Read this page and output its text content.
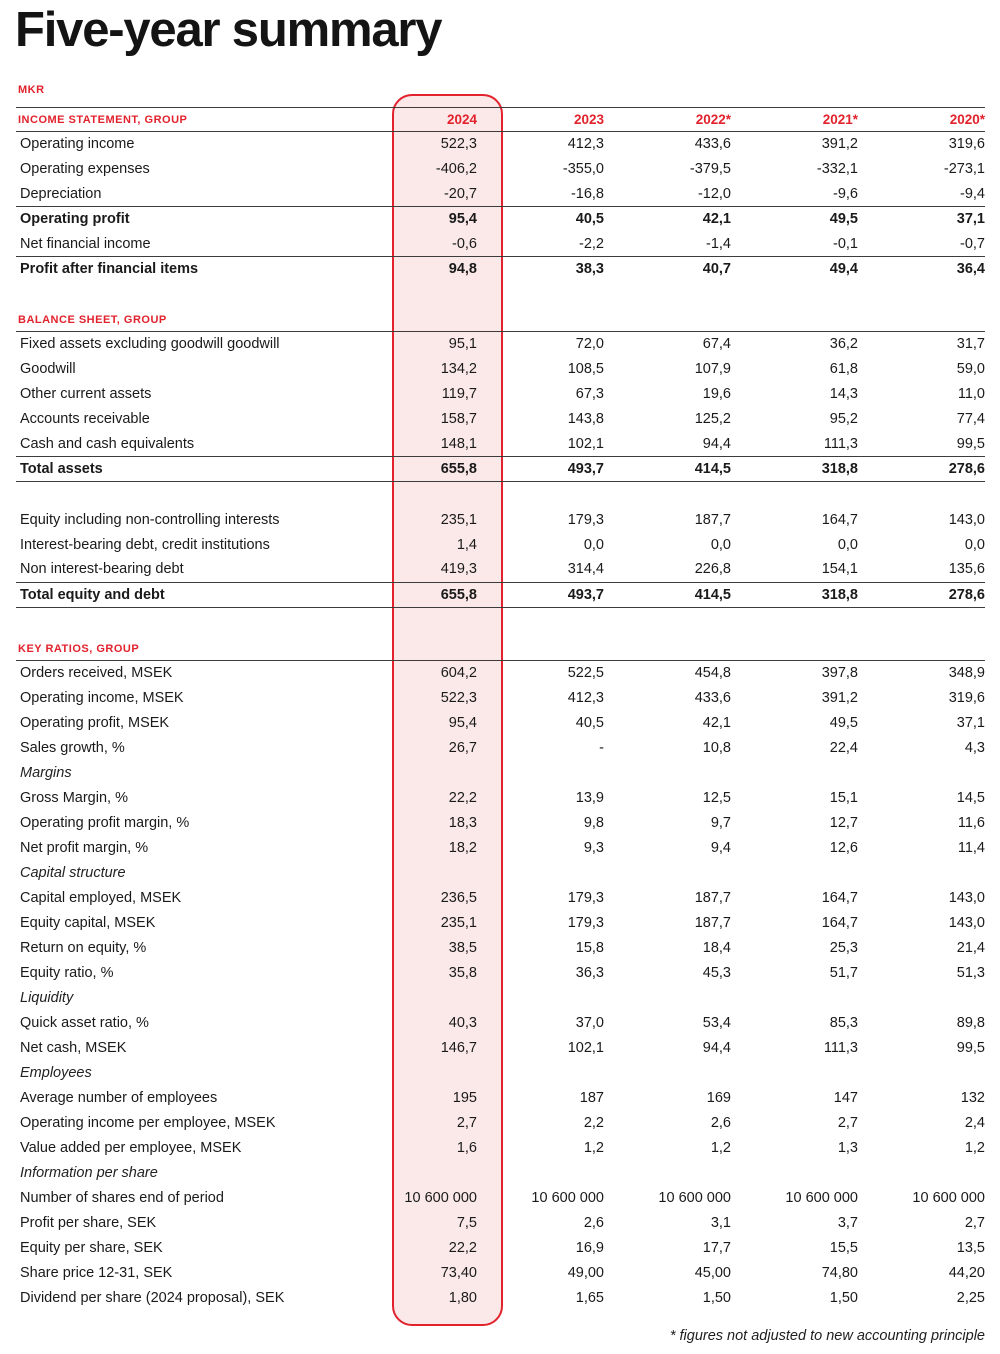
Five-year summary
MKR
INCOME STATEMENT, GROUP	2024	2023	2022*	2021*	2020*
Operating income	522,3	412,3	433,6	391,2	319,6
Operating expenses	-406,2	-355,0	-379,5	-332,1	-273,1
Depreciation	-20,7	-16,8	-12,0	-9,6	-9,4
Operating profit	95,4	40,5	42,1	49,5	37,1
Net financial income	-0,6	-2,2	-1,4	-0,1	-0,7
Profit after financial items	94,8	38,3	40,7	49,4	36,4

BALANCE SHEET, GROUP					
Fixed assets excluding goodwill goodwill	95,1	72,0	67,4	36,2	31,7
Goodwill	134,2	108,5	107,9	61,8	59,0
Other current assets	119,7	67,3	19,6	14,3	11,0
Accounts receivable	158,7	143,8	125,2	95,2	77,4
Cash and cash equivalents	148,1	102,1	94,4	111,3	99,5
Total assets	655,8	493,7	414,5	318,8	278,6

Equity including non-controlling interests	235,1	179,3	187,7	164,7	143,0
Interest-bearing debt, credit institutions	1,4	0,0	0,0	0,0	0,0
Non interest-bearing debt	419,3	314,4	226,8	154,1	135,6
Total equity and debt	655,8	493,7	414,5	318,8	278,6

KEY RATIOS, GROUP					
Orders received, MSEK	604,2	522,5	454,8	397,8	348,9
Operating income, MSEK	522,3	412,3	433,6	391,2	319,6
Operating profit, MSEK	95,4	40,5	42,1	49,5	37,1
Sales growth, %	26,7	-	10,8	22,4	4,3
Margins					
Gross Margin, %	22,2	13,9	12,5	15,1	14,5
Operating profit margin, %	18,3	9,8	9,7	12,7	11,6
Net profit margin, %	18,2	9,3	9,4	12,6	11,4
Capital structure					
Capital employed, MSEK	236,5	179,3	187,7	164,7	143,0
Equity capital, MSEK	235,1	179,3	187,7	164,7	143,0
Return on equity, %	38,5	15,8	18,4	25,3	21,4
Equity ratio, %	35,8	36,3	45,3	51,7	51,3
Liquidity					
Quick asset ratio, %	40,3	37,0	53,4	85,3	89,8
Net cash, MSEK	146,7	102,1	94,4	111,3	99,5
Employees					
Average number of employees	195	187	169	147	132
Operating income per employee, MSEK	2,7	2,2	2,6	2,7	2,4
Value added per employee, MSEK	1,6	1,2	1,2	1,3	1,2
Information per share					
Number of shares end of period	10 600 000	10 600 000	10 600 000	10 600 000	10 600 000
Profit per share, SEK	7,5	2,6	3,1	3,7	2,7
Equity per share, SEK	22,2	16,9	17,7	15,5	13,5
Share price 12-31, SEK	73,40	49,00	45,00	74,80	44,20
Dividend per share (2024 proposal), SEK	1,80	1,65	1,50	1,50	2,25
* figures not adjusted to new accounting principle
